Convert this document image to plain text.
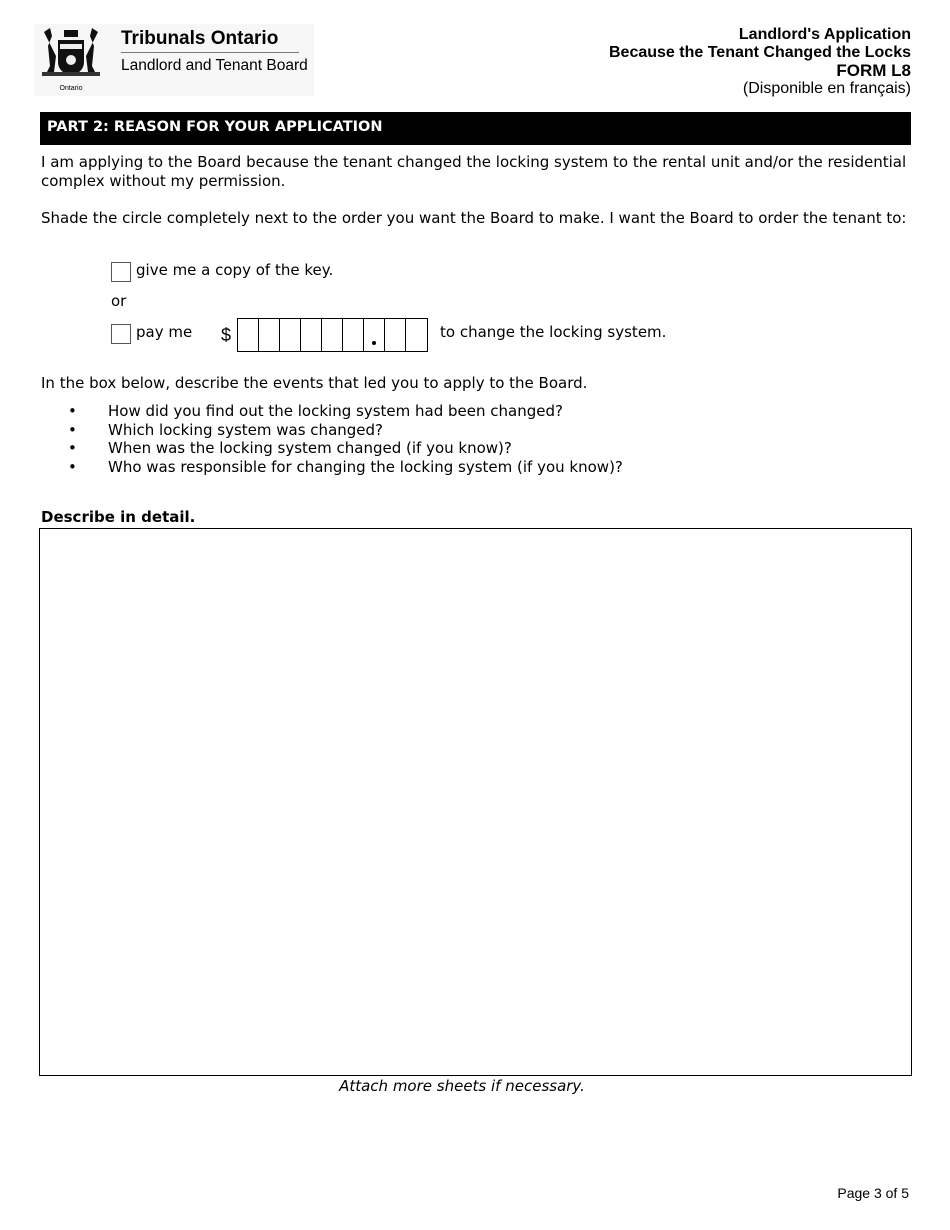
Ontario
Tribunals Ontario
Landlord and Tenant Board
Landlord's Application
Because the Tenant Changed the Locks
FORM L8
(Disponible en français)
PART 2: REASON FOR YOUR APPLICATION

I am applying to the Board because the tenant changed the locking system to the rental unit and/or the residential complex without my permission.

Shade the circle completely next to the order you want the Board to make. I want the Board to order the tenant to:

give me a copy of the key.
or
pay me $	to change the locking system.

In the box below, describe the events that led you to apply to the Board.

• How did you find out the locking system had been changed?
• Which locking system was changed?
• When was the locking system changed (if you know)?
• Who was responsible for changing the locking system (if you know)?
Describe in detail.
Attach more sheets if necessary.
Page 3 of 5
